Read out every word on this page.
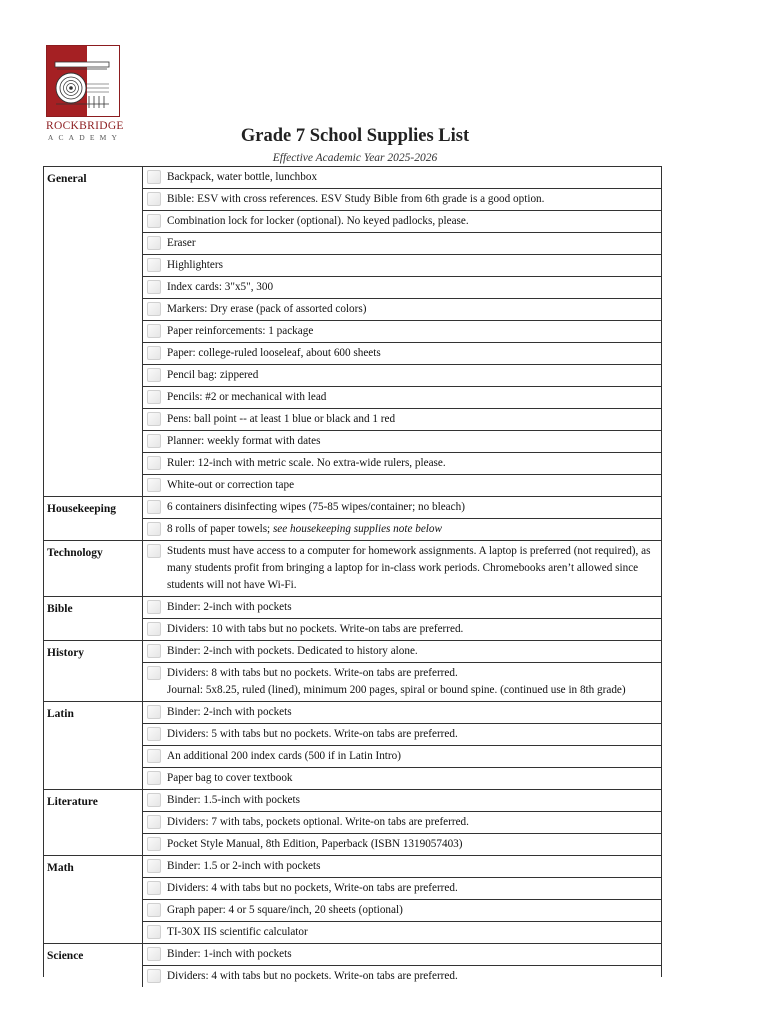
ROCKBRIDGE
ACADEMY	Grade 7 School Supplies List
Effective Academic Year 2025-2026
General	Backpack, water bottle, lunchbox
Bible: ESV with cross references. ESV Study Bible from 6th grade is a good option.
Combination lock for locker (optional). No keyed padlocks, please.
Eraser
Highlighters
Index cards: 3"x5", 300
Markers: Dry erase (pack of assorted colors)
Paper reinforcements: 1 package
Paper: college-ruled looseleaf, about 600 sheets
Pencil bag: zippered
Pencils: #2 or mechanical with lead
Pens: ball point -- at least 1 blue or black and 1 red
Planner: weekly format with dates
Ruler: 12-inch with metric scale. No extra-wide rulers, please.
White-out or correction tape
Housekeeping	6 containers disinfecting wipes (75-85 wipes/container; no bleach)
8 rolls of paper towels; see housekeeping supplies note below
Technology	Students must have access to a computer for homework assignments. A laptop is preferred (not required), as many students profit from bringing a laptop for in-class work periods. Chromebooks aren’t allowed since students will not have Wi-Fi.
Bible	Binder: 2-inch with pockets
Dividers: 10 with tabs but no pockets. Write-on tabs are preferred.
History	Binder: 2-inch with pockets. Dedicated to history alone.
Dividers: 8 with tabs but no pockets. Write-on tabs are preferred.
Journal: 5x8.25, ruled (lined), minimum 200 pages, spiral or bound spine. (continued use in 8th grade)
Latin	Binder: 2-inch with pockets
Dividers: 5 with tabs but no pockets. Write-on tabs are preferred.
An additional 200 index cards (500 if in Latin Intro)
Paper bag to cover textbook
Literature	Binder: 1.5-inch with pockets
Dividers: 7 with tabs, pockets optional. Write-on tabs are preferred.
Pocket Style Manual, 8th Edition, Paperback (ISBN 1319057403)
Math	Binder: 1.5 or 2-inch with pockets
Dividers: 4 with tabs but no pockets, Write-on tabs are preferred.
Graph paper: 4 or 5 square/inch, 20 sheets (optional)
TI-30X IIS scientific calculator
Science	Binder: 1-inch with pockets
Dividers: 4 with tabs but no pockets. Write-on tabs are preferred.
